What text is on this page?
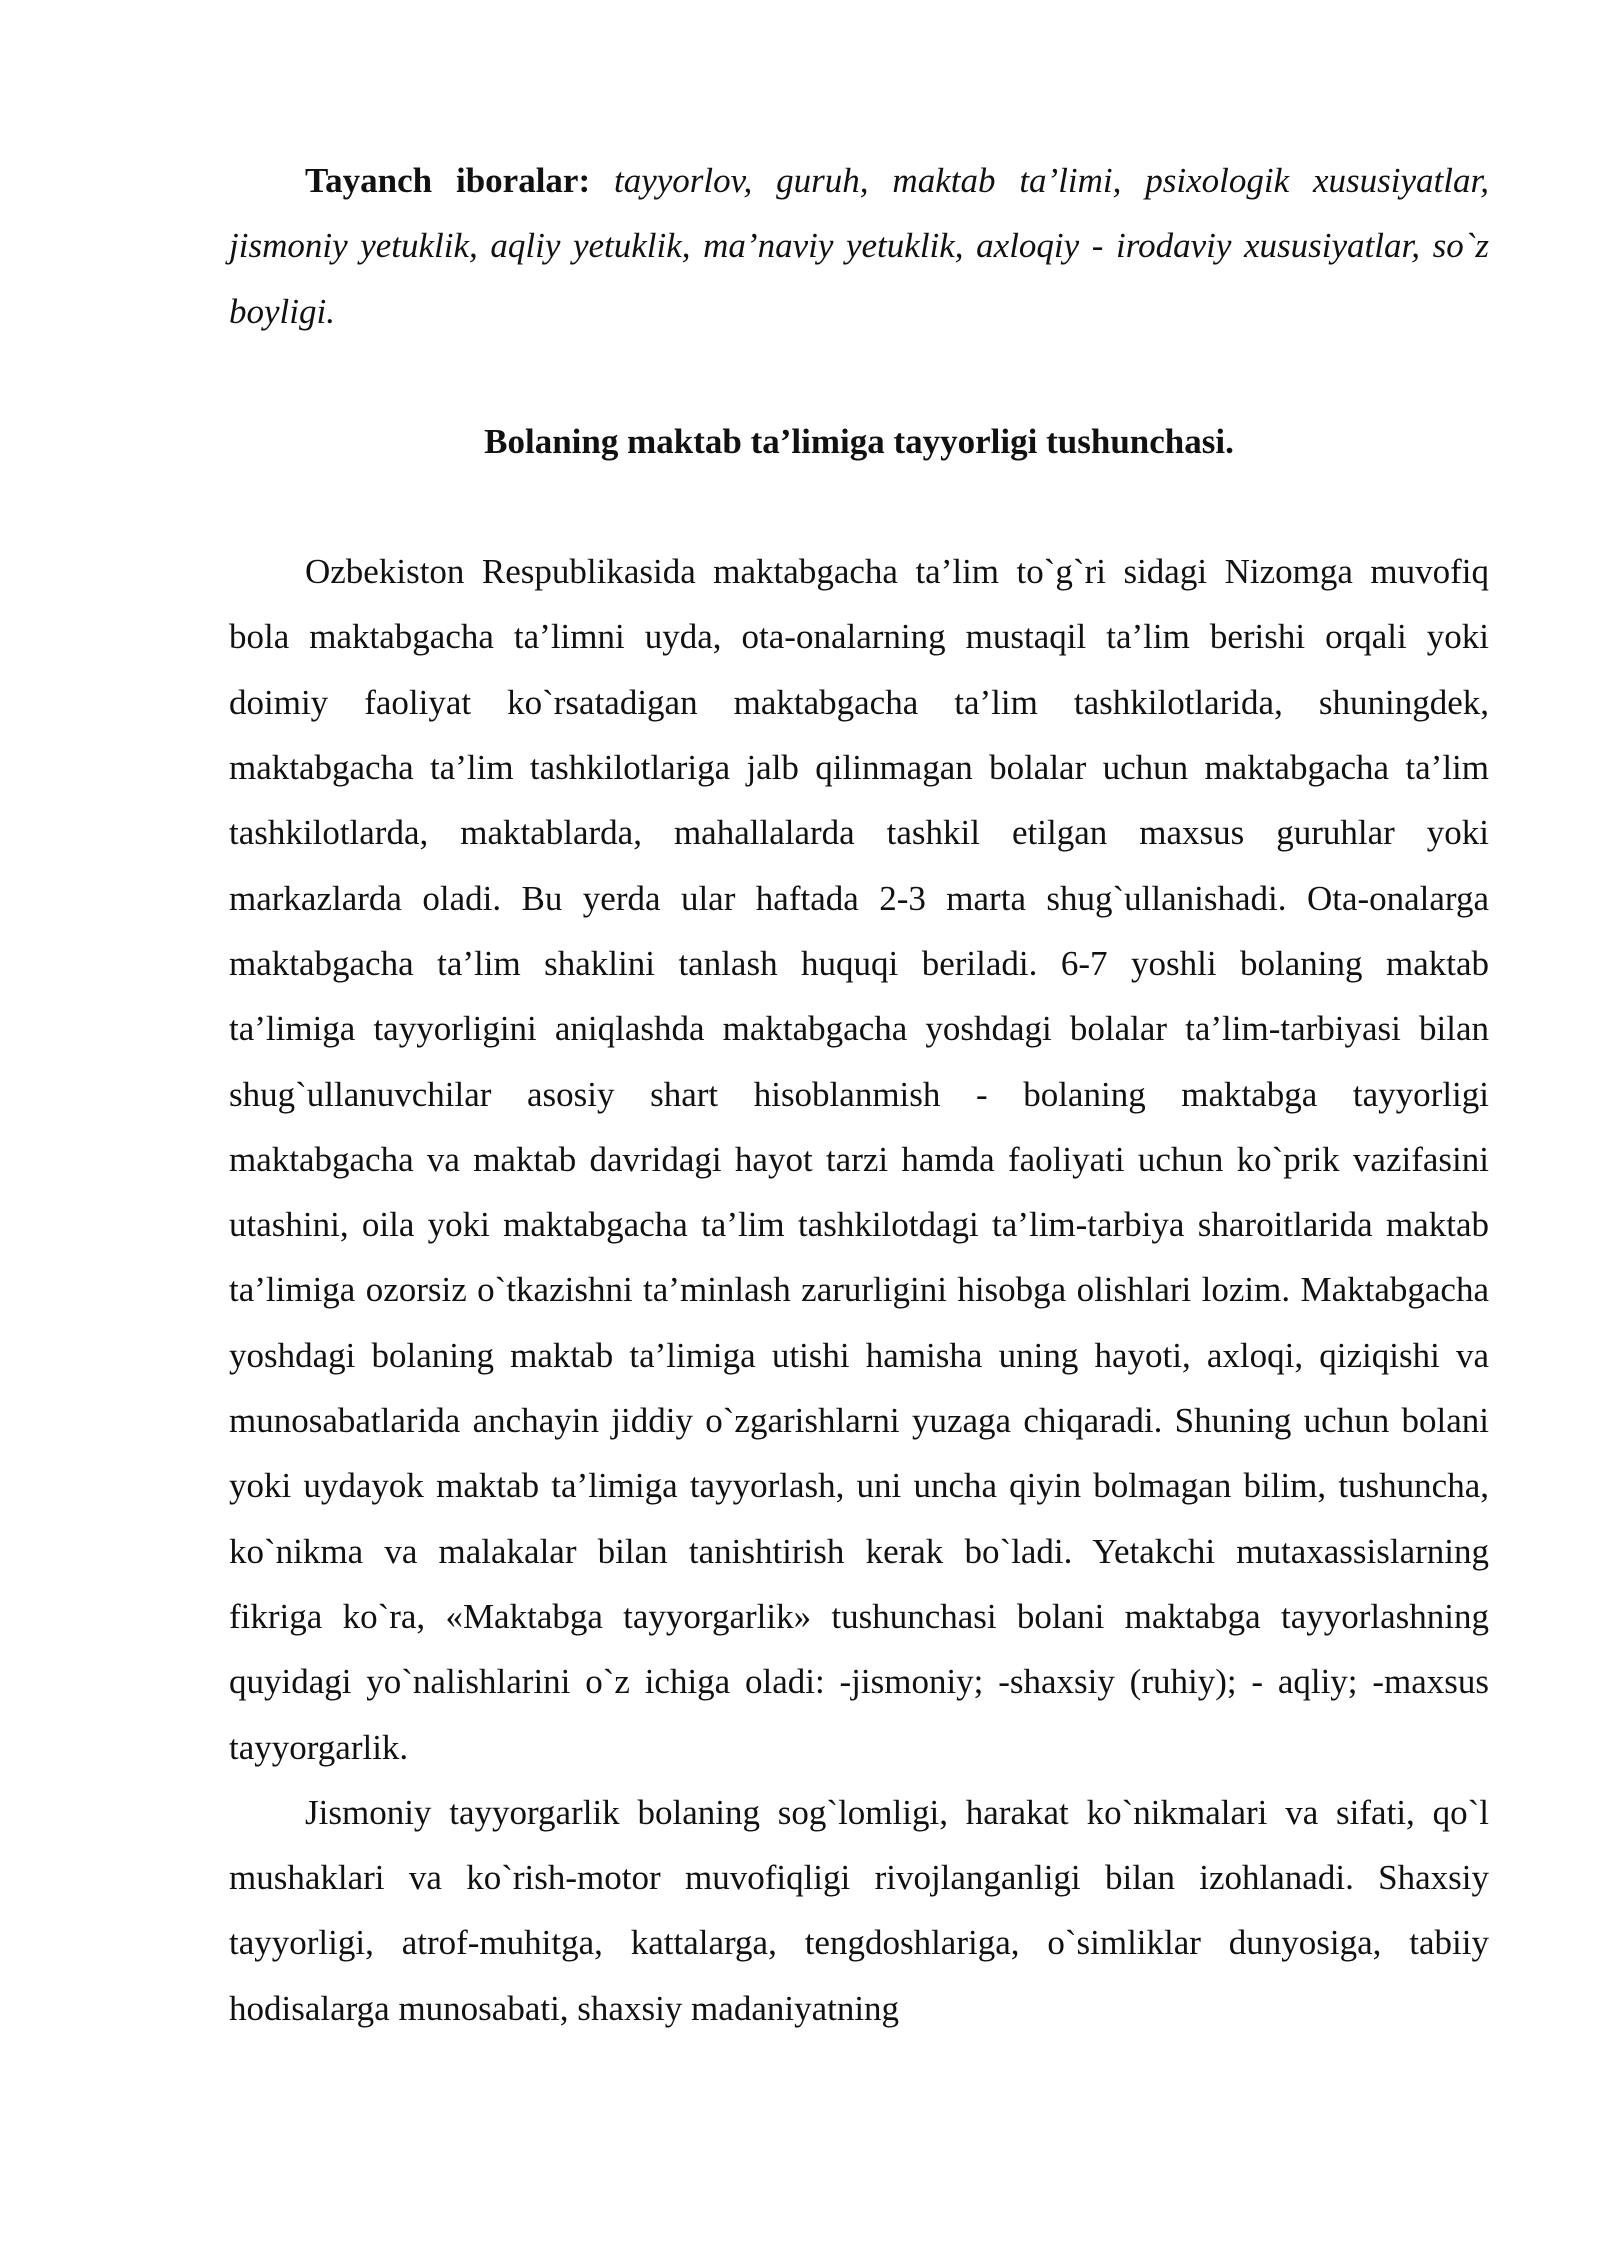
Tayanch iboralar: tayyorlov, guruh, maktab ta’limi, psixologik xususiyatlar, jismoniy yetuklik, aqliy yetuklik, ma’naviy yetuklik, axloqiy - irodaviy xususiyatlar, so`z boyligi.

Bolaning maktab ta’limiga tayyorligi tushunchasi.

Ozbekiston Respublikasida maktabgacha ta’lim to`g`ri sidagi Nizomga muvofiq bola maktabgacha ta’limni uyda, ota-onalarning mustaqil ta’lim berishi orqali yoki doimiy faoliyat ko`rsatadigan maktabgacha ta’lim tashkilotlarida, shuningdek, maktabgacha ta’lim tashkilotlariga jalb qilinmagan bolalar uchun maktabgacha ta’lim tashkilotlarda, maktablarda, mahallalarda tashkil etilgan maxsus guruhlar yoki markazlarda oladi. Bu yerda ular haftada 2-3 marta shug`ullanishadi. Ota-onalarga maktabgacha ta’lim shaklini tanlash huquqi beriladi. 6-7 yoshli bolaning maktab ta’limiga tayyorligini aniqlashda maktabgacha yoshdagi bolalar ta’lim-tarbiyasi bilan shug`ullanuvchilar asosiy shart hisoblanmish - bolaning maktabga tayyorligi maktabgacha va maktab davridagi hayot tarzi hamda faoliyati uchun ko`prik vazifasini utashini, oila yoki maktabgacha ta’lim tashkilotdagi ta’lim-tarbiya sharoitlarida maktab ta’limiga ozorsiz o`tkazishni ta’minlash zarurligini hisobga olishlari lozim. Maktabgacha yoshdagi bolaning maktab ta’limiga utishi hamisha uning hayoti, axloqi, qiziqishi va munosabatlarida anchayin jiddiy o`zgarishlarni yuzaga chiqaradi. Shuning uchun bolani yoki uydayok maktab ta’limiga tayyorlash, uni uncha qiyin bolmagan bilim, tushuncha, ko`nikma va malakalar bilan tanishtirish kerak bo`ladi. Yetakchi mutaxassislarning fikriga ko`ra, «Maktabga tayyorgarlik» tushunchasi bolani maktabga tayyorlashning quyidagi yo`nalishlarini o`z ichiga oladi: -jismoniy; -shaxsiy (ruhiy); - aqliy; -maxsus tayyorgarlik.

Jismoniy tayyorgarlik bolaning sog`lomligi, harakat ko`nikmalari va sifati, qo`l mushaklari va ko`rish-motor muvofiqligi rivojlanganligi bilan izohlanadi. Shaxsiy tayyorligi, atrof-muhitga, kattalarga, tengdoshlariga, o`simliklar dunyosiga, tabiiy hodisalarga munosabati, shaxsiy madaniyatning
